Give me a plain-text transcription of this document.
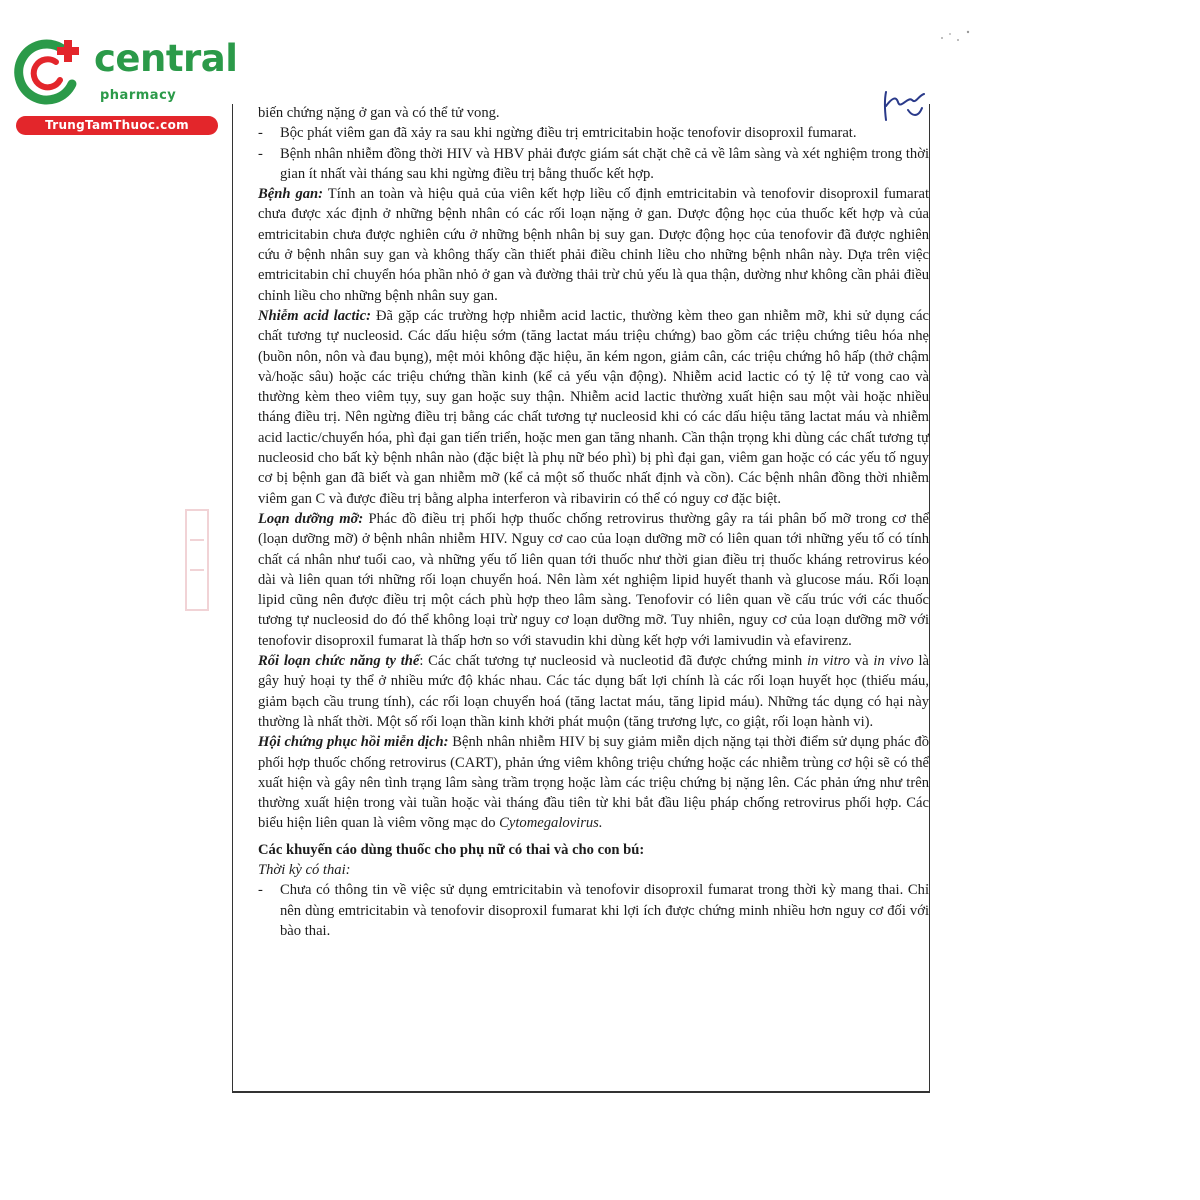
central
pharmacy
TrungTamThuoc.com

biến chứng nặng ở gan và có thể tử vong.

-	Bộc phát viêm gan đã xảy ra sau khi ngừng điều trị emtricitabin hoặc tenofovir disoproxil fumarat.
-	Bệnh nhân nhiễm đồng thời HIV và HBV phải được giám sát chặt chẽ cả về lâm sàng và xét nghiệm trong thời gian ít nhất vài tháng sau khi ngừng điều trị bằng thuốc kết hợp.

Bệnh gan: Tính an toàn và hiệu quả của viên kết hợp liều cố định emtricitabin và tenofovir disoproxil fumarat chưa được xác định ở những bệnh nhân có các rối loạn nặng ở gan. Dược động học của thuốc kết hợp và của emtricitabin chưa được nghiên cứu ở những bệnh nhân bị suy gan. Dược động học của tenofovir đã được nghiên cứu ở bệnh nhân suy gan và không thấy cần thiết phải điều chỉnh liều cho những bệnh nhân này. Dựa trên việc emtricitabin chỉ chuyển hóa phần nhỏ ở gan và đường thải trừ chủ yếu là qua thận, dường như không cần phải điều chỉnh liều cho những bệnh nhân suy gan.

Nhiễm acid lactic: Đã gặp các trường hợp nhiễm acid lactic, thường kèm theo gan nhiễm mỡ, khi sử dụng các chất tương tự nucleosid. Các dấu hiệu sớm (tăng lactat máu triệu chứng) bao gồm các triệu chứng tiêu hóa nhẹ (buồn nôn, nôn và đau bụng), mệt mỏi không đặc hiệu, ăn kém ngon, giảm cân, các triệu chứng hô hấp (thở chậm và/hoặc sâu) hoặc các triệu chứng thần kinh (kể cả yếu vận động). Nhiễm acid lactic có tỷ lệ tử vong cao và thường kèm theo viêm tụy, suy gan hoặc suy thận. Nhiễm acid lactic thường xuất hiện sau một vài hoặc nhiều tháng điều trị. Nên ngừng điều trị bằng các chất tương tự nucleosid khi có các dấu hiệu tăng lactat máu và nhiễm acid lactic/chuyển hóa, phì đại gan tiến triển, hoặc men gan tăng nhanh. Cần thận trọng khi dùng các chất tương tự nucleosid cho bất kỳ bệnh nhân nào (đặc biệt là phụ nữ béo phì) bị phì đại gan, viêm gan hoặc có các yếu tố nguy cơ bị bệnh gan đã biết và gan nhiễm mỡ (kể cả một số thuốc nhất định và cồn). Các bệnh nhân đồng thời nhiễm viêm gan C và được điều trị bằng alpha interferon và ribavirin có thể có nguy cơ đặc biệt.

Loạn dưỡng mỡ: Phác đồ điều trị phối hợp thuốc chống retrovirus thường gây ra tái phân bố mỡ trong cơ thể (loạn dưỡng mỡ) ở bệnh nhân nhiễm HIV. Nguy cơ cao của loạn dưỡng mỡ có liên quan tới những yếu tố có tính chất cá nhân như tuổi cao, và những yếu tố liên quan tới thuốc như thời gian điều trị thuốc kháng retrovirus kéo dài và liên quan tới những rối loạn chuyển hoá. Nên làm xét nghiệm lipid huyết thanh và glucose máu. Rối loạn lipid cũng nên được điều trị một cách phù hợp theo lâm sàng. Tenofovir có liên quan về cấu trúc với các thuốc tương tự nucleosid do đó thể không loại trừ nguy cơ loạn dưỡng mỡ. Tuy nhiên, nguy cơ của loạn dưỡng mỡ với tenofovir disoproxil fumarat là thấp hơn so với stavudin khi dùng kết hợp với lamivudin và efavirenz.

Rối loạn chức năng ty thể: Các chất tương tự nucleosid và nucleotid đã được chứng minh in vitro và in vivo là gây huỷ hoại ty thể ở nhiều mức độ khác nhau. Các tác dụng bất lợi chính là các rối loạn huyết học (thiếu máu, giảm bạch cầu trung tính), các rối loạn chuyển hoá (tăng lactat máu, tăng lipid máu). Những tác dụng có hại này thường là nhất thời. Một số rối loạn thần kinh khởi phát muộn (tăng trương lực, co giật, rối loạn hành vi).

Hội chứng phục hồi miễn dịch: Bệnh nhân nhiễm HIV bị suy giảm miễn dịch nặng tại thời điểm sử dụng phác đồ phối hợp thuốc chống retrovirus (CART), phản ứng viêm không triệu chứng hoặc các nhiễm trùng cơ hội sẽ có thể xuất hiện và gây nên tình trạng lâm sàng trầm trọng hoặc làm các triệu chứng bị nặng lên. Các phản ứng như trên thường xuất hiện trong vài tuần hoặc vài tháng đầu tiên từ khi bắt đầu liệu pháp chống retrovirus phối hợp. Các biểu hiện liên quan là viêm võng mạc do Cytomegalovirus.

Các khuyến cáo dùng thuốc cho phụ nữ có thai và cho con bú:

Thời kỳ có thai:

-	Chưa có thông tin về việc sử dụng emtricitabin và tenofovir disoproxil fumarat trong thời kỳ mang thai. Chỉ nên dùng emtricitabin và tenofovir disoproxil fumarat khi lợi ích được chứng minh nhiều hơn nguy cơ đối với bào thai.
